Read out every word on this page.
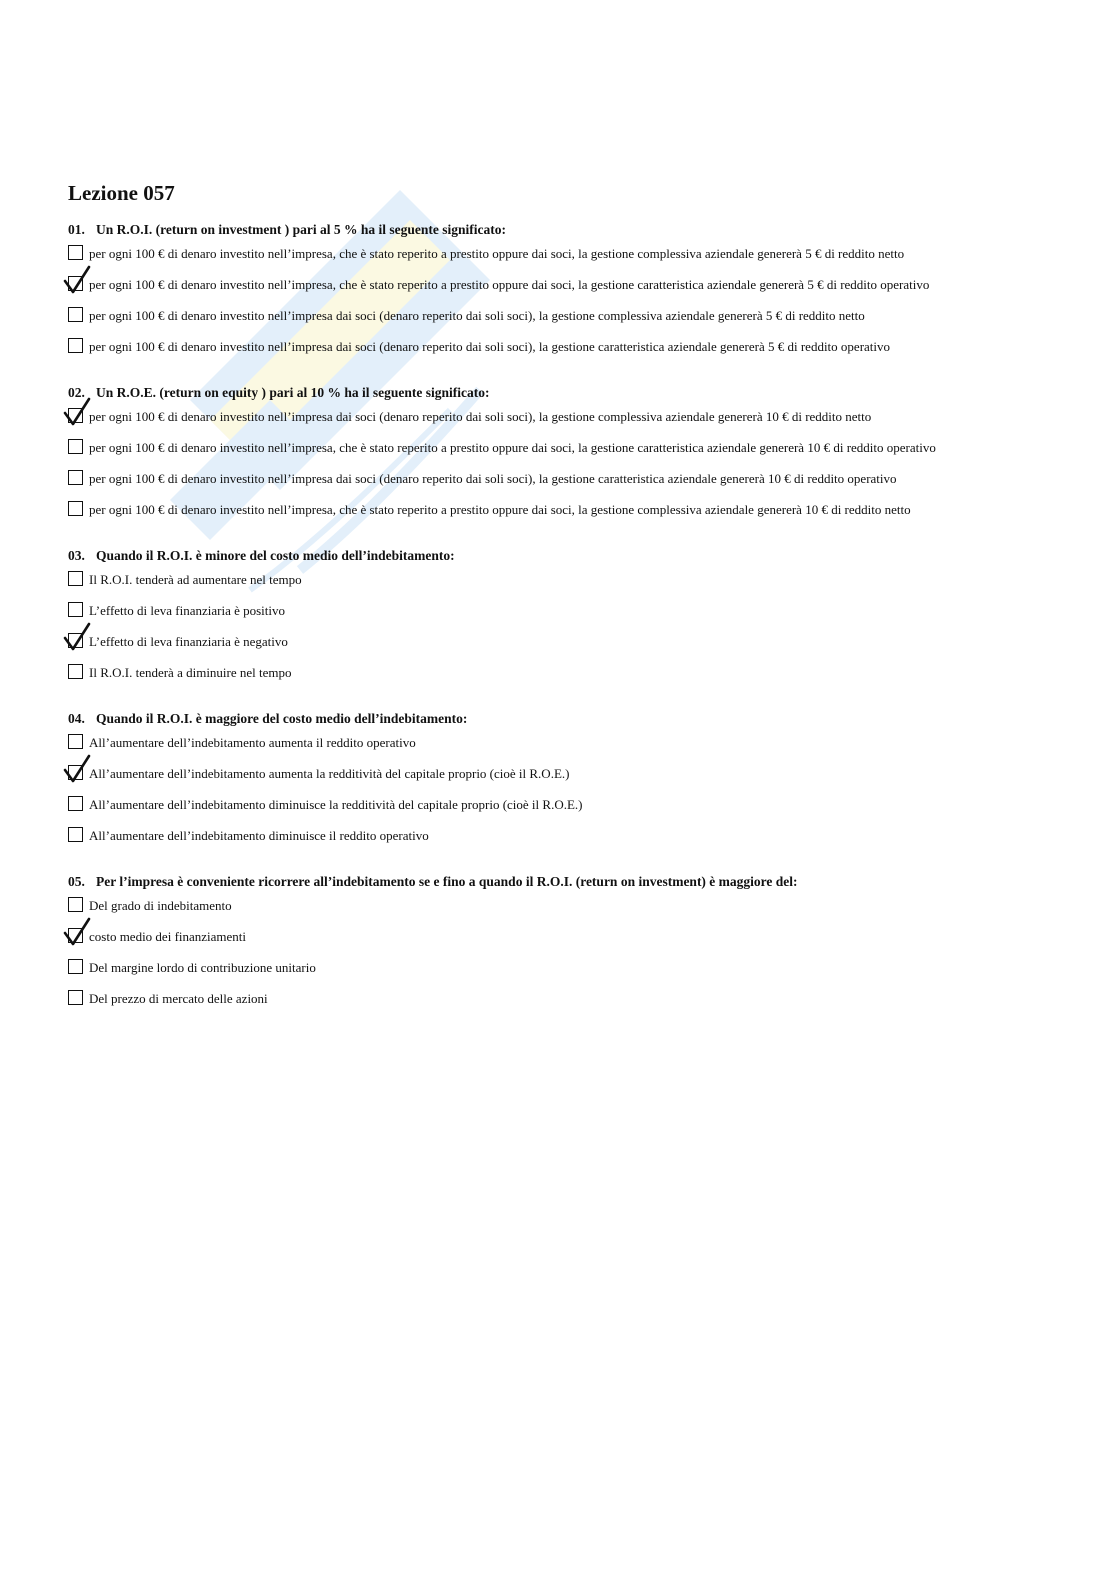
Lezione 057
01. Un R.O.I. (return on investment ) pari al 5 % ha il seguente significato:
per ogni 100 € di denaro investito nell’impresa, che è stato reperito a prestito oppure dai soci, la gestione complessiva aziendale genererà 5 € di reddito netto
per ogni 100 € di denaro investito nell’impresa, che è stato reperito a prestito oppure dai soci, la gestione caratteristica aziendale genererà 5 € di reddito operativo
per ogni 100 € di denaro investito nell’impresa dai soci (denaro reperito dai soli soci), la gestione complessiva aziendale genererà 5 € di reddito netto
per ogni 100 € di denaro investito nell’impresa dai soci (denaro reperito dai soli soci), la gestione caratteristica aziendale genererà 5 € di reddito operativo
02. Un R.O.E. (return on equity ) pari al 10 % ha il seguente significato:
per ogni 100 € di denaro investito nell’impresa dai soci (denaro reperito dai soli soci), la gestione complessiva aziendale genererà 10 € di reddito netto
per ogni 100 € di denaro investito nell’impresa, che è stato reperito a prestito oppure dai soci, la gestione caratteristica aziendale genererà 10 € di reddito operativo
per ogni 100 € di denaro investito nell’impresa dai soci (denaro reperito dai soli soci), la gestione caratteristica aziendale genererà 10 € di reddito operativo
per ogni 100 € di denaro investito nell’impresa, che è stato reperito a prestito oppure dai soci, la gestione complessiva aziendale genererà 10 € di reddito netto
03. Quando il R.O.I. è minore del costo medio dell’indebitamento:
Il R.O.I. tenderà ad aumentare nel tempo
L’effetto di leva finanziaria è positivo
L’effetto di leva finanziaria è negativo
Il R.O.I. tenderà a diminuire nel tempo
04. Quando il R.O.I. è maggiore del costo medio dell’indebitamento:
All’aumentare dell’indebitamento aumenta il reddito operativo
All’aumentare dell’indebitamento aumenta la redditività del capitale proprio (cioè il R.O.E.)
All’aumentare dell’indebitamento diminuisce la redditività del capitale proprio (cioè il R.O.E.)
All’aumentare dell’indebitamento diminuisce il reddito operativo
05. Per l’impresa è conveniente ricorrere all’indebitamento se e fino a quando il R.O.I. (return on investment) è maggiore del:
Del grado di indebitamento
costo medio dei finanziamenti
Del margine lordo di contribuzione unitario
Del prezzo di mercato delle azioni
